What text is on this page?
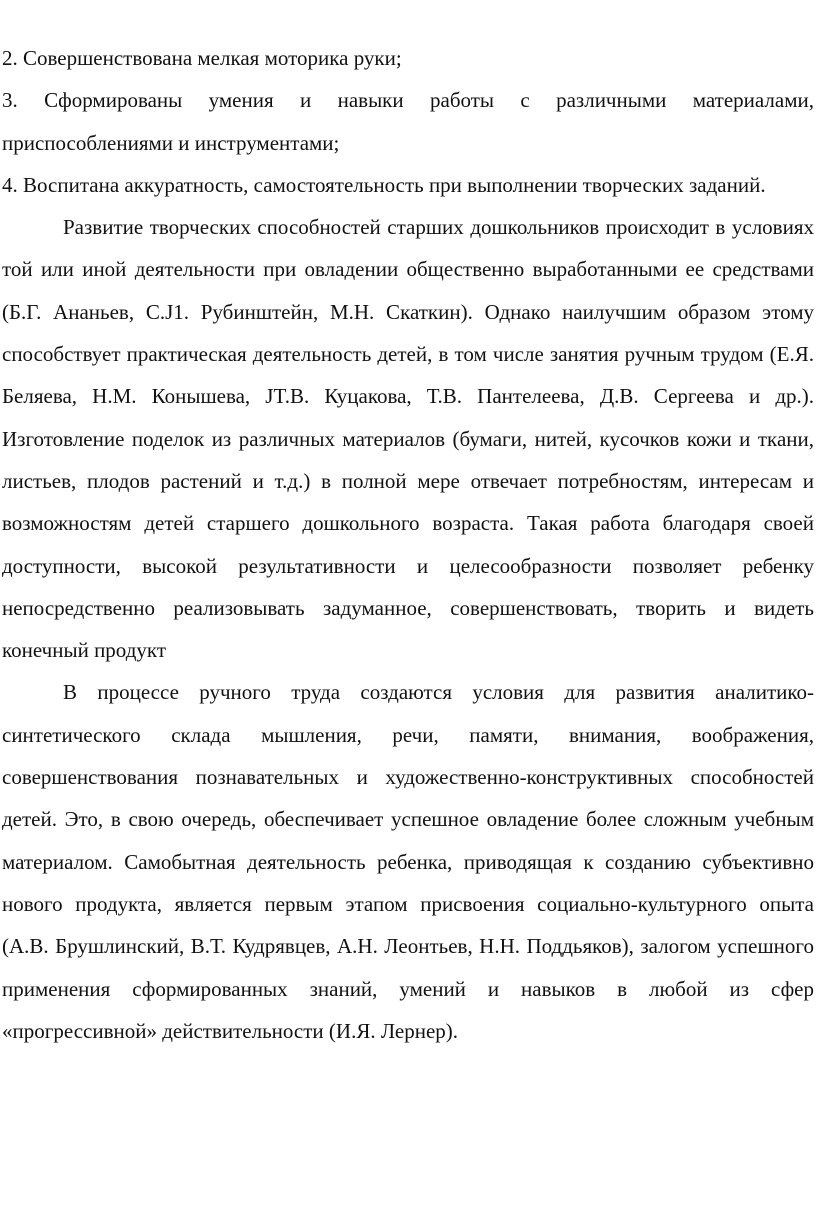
2. Совершенствована мелкая моторика руки;

3. Сформированы умения и навыки работы с различными материалами, приспособлениями и инструментами;

4. Воспитана аккуратность, самостоятельность при выполнении творческих заданий.

Развитие творческих способностей старших дошкольников происходит в условиях той или иной деятельности при овладении общественно выработанными ее средствами (Б.Г. Ананьев, С.J1. Рубинштейн, М.Н. Скаткин). Однако наилучшим образом этому способствует практическая деятельность детей, в том числе занятия ручным трудом (Е.Я. Беляева, Н.М. Конышева, JT.В. Куцакова, Т.В. Пантелеева, Д.В. Сергеева и др.). Изготовление поделок из различных материалов (бумаги, нитей, кусочков кожи и ткани, листьев, плодов растений и т.д.) в полной мере отвечает потребностям, интересам и возможностям детей старшего дошкольного возраста. Такая работа благодаря своей доступности, высокой результативности и целесообразности позволяет ребенку непосредственно реализовывать задуманное, совершенствовать, творить и видеть конечный продукт

В процессе ручного труда создаются условия для развития аналитико-синтетического склада мышления, речи, памяти, внимания, воображения, совершенствования познавательных и художественно-конструктивных способностей детей. Это, в свою очередь, обеспечивает успешное овладение более сложным учебным материалом. Самобытная деятельность ребенка, приводящая к созданию субъективно нового продукта, является первым этапом присвоения социально-культурного опыта (А.В. Брушлинский, В.Т. Кудрявцев, А.Н. Леонтьев, Н.Н. Поддьяков), залогом успешного применения сформированных знаний, умений и навыков в любой из сфер «прогрессивной» действительности (И.Я. Лернер).
